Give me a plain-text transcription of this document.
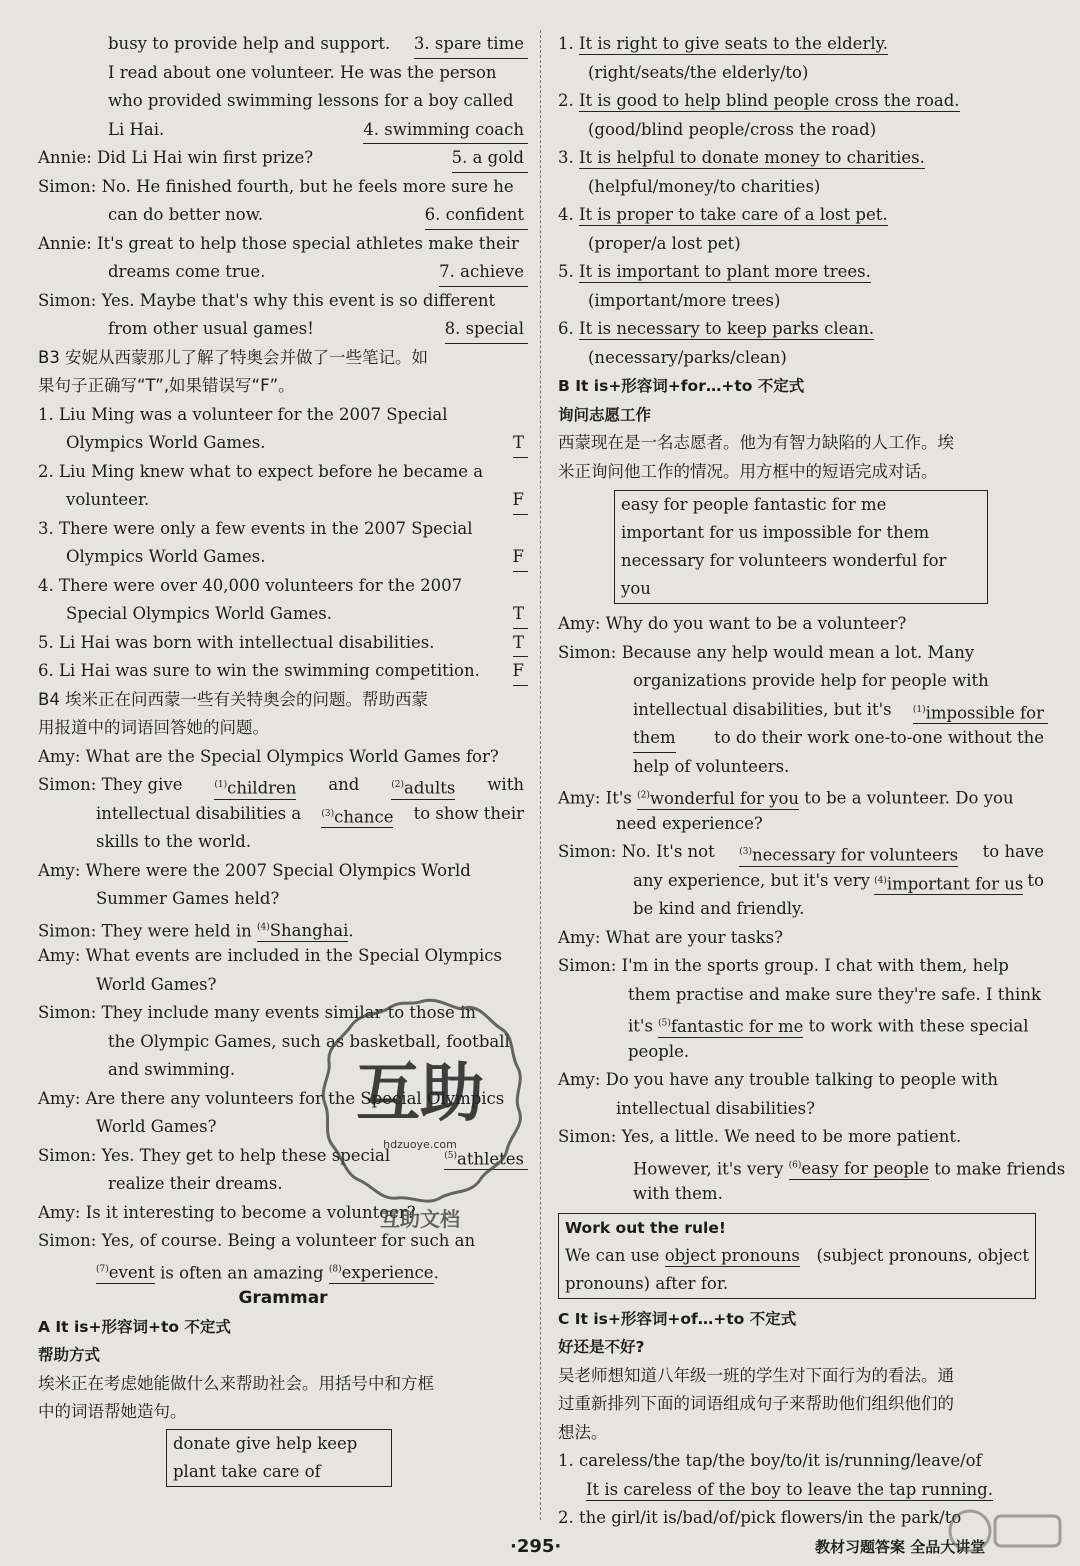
busy to provide help and support. 3. spare time
I read about one volunteer. He was the person
who provided swimming lessons for a boy called
Li Hai.	4. swimming coach
Annie: Did Li Hai win first prize?	5. a gold
Simon: No. He finished fourth, but he feels more sure he
can do better now.	6. confident
Annie: It's great to help those special athletes make their
dreams come true.	7. achieve
Simon: Yes. Maybe that's why this event is so different
from other usual games!	8. special
B3 安妮从西蒙那儿了解了特奥会并做了一些笔记。如
果句子正确写“T”,如果错误写“F”。
1. Liu Ming was a volunteer for the 2007 Special
Olympics World Games.	T
2. Liu Ming knew what to expect before he became a
volunteer.	F
3. There were only a few events in the 2007 Special
Olympics World Games.	F
4. There were over 40,000 volunteers for the 2007
Special Olympics World Games.	T
5. Li Hai was born with intellectual disabilities.	T
6. Li Hai was sure to win the swimming competition. F
B4 埃米正在问西蒙一些有关特奥会的问题。帮助西蒙
用报道中的词语回答她的问题。
Amy: What are the Special Olympics World Games for?
Simon: They give	$^{(1)}$children and	$^{(2)}$adults with
intellectual disabilities a $^{(3)}$chance to show their
skills to the world.
Amy: Where were the 2007 Special Olympics World
Summer Games held?
Simon: They were held in $^{(4)}$Shanghai.
Amy: What events are included in the Special Olympics
World Games?
Simon: They include many events similar to those in
the Olympic Games, such as basketball, football
and swimming.
Amy: Are there any volunteers for the Special Olympics
World Games?
Simon: Yes. They get to help these special	$^{(5)}$athletes
realize their dreams.
Amy: Is it interesting to become a volunteer?
Simon: Yes, of course. Being a volunteer for such an
$^{(7)}$event is often an amazing $^{(8)}$experience.
Grammar
A It is+形容词+to 不定式
帮助方式
埃米正在考虑她能做什么来帮助社会。用括号中和方框
中的词语帮她造句。
donate give help keep
plant take care of
互助
hdzuoye.com
互助文档
1. It is right to give seats to the elderly.
(right/seats/the elderly/to)
2. It is good to help blind people cross the road.
(good/blind people/cross the road)
3. It is helpful to donate money to charities.
(helpful/money/to charities)
4. It is proper to take care of a lost pet.
(proper/a lost pet)
5. It is important to plant more trees.
(important/more trees)
6. It is necessary to keep parks clean.
(necessary/parks/clean)
B It is+形容词+for…+to 不定式
询问志愿工作
西蒙现在是一名志愿者。他为有智力缺陷的人工作。埃
米正询问他工作的情况。用方框中的短语完成对话。
easy for people fantastic for me
important for us impossible for them
necessary for volunteers wonderful for you
Amy: Why do you want to be a volunteer?
Simon: Because any help would mean a lot. Many
organizations provide help for people with
intellectual disabilities, but it's $^{(1)}$impossible for
them to do their work one-to-one without the
help of volunteers.
Amy: It's $^{(2)}$wonderful for you to be a volunteer. Do you
need experience?
Simon: No. It's not	$^{(3)}$necessary for volunteers to have
any experience, but it's very $^{(4)}$important for us to
be kind and friendly.
Amy: What are your tasks?
Simon: I'm in the sports group. I chat with them, help
them practise and make sure they're safe. I think
it's $^{(5)}$fantastic for me to work with these special
people.
Amy: Do you have any trouble talking to people with
intellectual disabilities?
Simon: Yes, a little. We need to be more patient.
However, it's very $^{(6)}$easy for people to make friends
with them.
Work out the rule!
We can use object pronouns (subject pronouns, object
pronouns) after for.
C It is+形容词+of…+to 不定式
好还是不好?
吴老师想知道八年级一班的学生对下面行为的看法。通
过重新排列下面的词语组成句子来帮助他们组织他们的
想法。
1. careless/the tap/the boy/to/it is/running/leave/of
It is careless of the boy to leave the tap running.
2. the girl/it is/bad/of/pick flowers/in the park/to
·295·	教材习题答案 全品大讲堂
